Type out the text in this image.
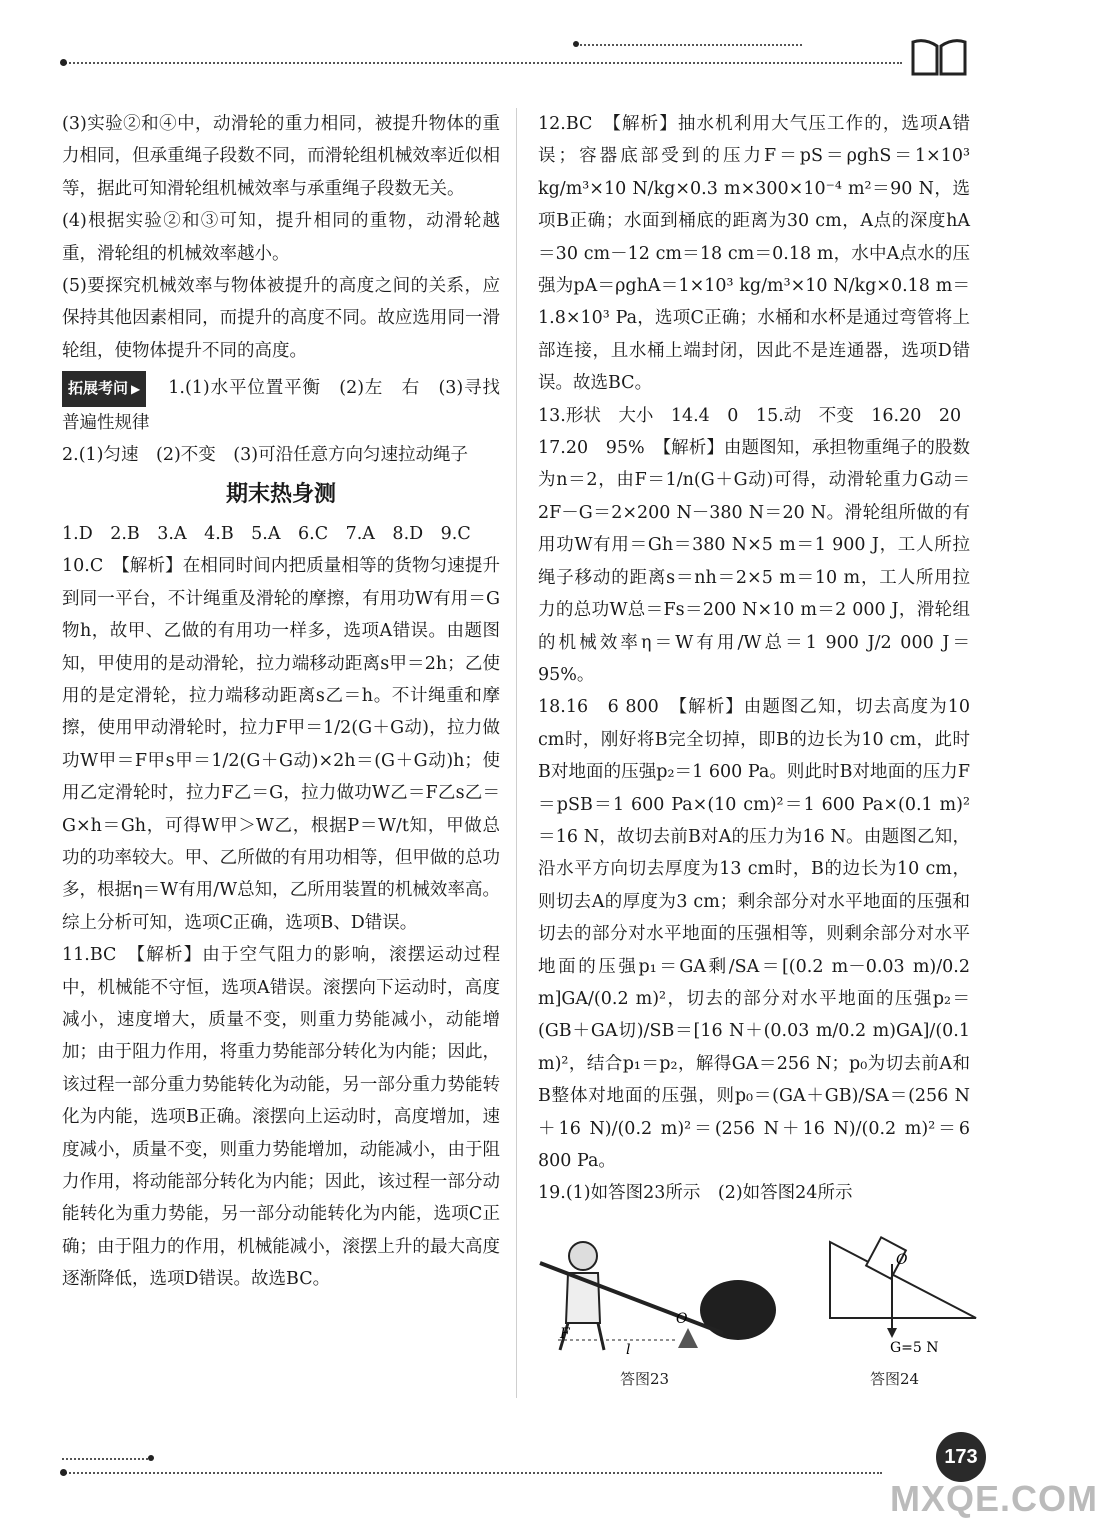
(3)实验②和④中，动滑轮的重力相同，被提升物体的重力相同，但承重绳子段数不同，而滑轮组机械效率近似相等，据此可知滑轮组机械效率与承重绳子段数无关。

(4)根据实验②和③可知，提升相同的重物，动滑轮越重，滑轮组的机械效率越小。

(5)要探究机械效率与物体被提升的高度之间的关系，应保持其他因素相同，而提升的高度不同。故应选用同一滑轮组，使物体提升不同的高度。

拓展考问 ▶ 1.(1)水平位置平衡　(2)左　右　(3)寻找普遍性规律

2.(1)匀速　(2)不变　(3)可沿任意方向匀速拉动绳子

期末热身测

1.D　2.B　3.A　4.B　5.A　6.C　7.A　8.D　9.C

10.C　【解析】在相同时间内把质量相等的货物匀速提升到同一平台，不计绳重及滑轮的摩擦，有用功W有用＝G物h，故甲、乙做的有用功一样多，选项A错误。由题图知，甲使用的是动滑轮，拉力端移动距离s甲＝2h；乙使用的是定滑轮，拉力端移动距离s乙＝h。不计绳重和摩擦，使用甲动滑轮时，拉力F甲＝1/2(G＋G动)，拉力做功W甲＝F甲s甲＝1/2(G＋G动)×2h＝(G＋G动)h；使用乙定滑轮时，拉力F乙＝G，拉力做功W乙＝F乙s乙＝G×h＝Gh，可得W甲＞W乙，根据P＝W/t知，甲做总功的功率较大。甲、乙所做的有用功相等，但甲做的总功多，根据η＝W有用/W总知，乙所用装置的机械效率高。综上分析可知，选项C正确，选项B、D错误。

11.BC　【解析】由于空气阻力的影响，滚摆运动过程中，机械能不守恒，选项A错误。滚摆向下运动时，高度减小，速度增大，质量不变，则重力势能减小，动能增加；由于阻力作用，将重力势能部分转化为内能；因此，该过程一部分重力势能转化为动能，另一部分重力势能转化为内能，选项B正确。滚摆向上运动时，高度增加，速度减小，质量不变，则重力势能增加，动能减小，由于阻力作用，将动能部分转化为内能；因此，该过程一部分动能转化为重力势能，另一部分动能转化为内能，选项C正确；由于阻力的作用，机械能减小，滚摆上升的最大高度逐渐降低，选项D错误。故选BC。

12.BC　【解析】抽水机利用大气压工作的，选项A错误；容器底部受到的压力F＝pS＝ρghS＝1×10³ kg/m³×10 N/kg×0.3 m×300×10⁻⁴ m²＝90 N，选项B正确；水面到桶底的距离为30 cm，A点的深度hA＝30 cm－12 cm＝18 cm＝0.18 m，水中A点水的压强为pA＝ρghA＝1×10³ kg/m³×10 N/kg×0.18 m＝1.8×10³ Pa，选项C正确；水桶和水杯是通过弯管将上部连接，且水桶上端封闭，因此不是连通器，选项D错误。故选BC。

13.形状　大小　14.4　0　15.动　不变　16.20　20

17.20　95%　【解析】由题图知，承担物重绳子的股数为n＝2，由F＝1/n(G＋G动)可得，动滑轮重力G动＝2F－G＝2×200 N－380 N＝20 N。滑轮组所做的有用功W有用＝Gh＝380 N×5 m＝1 900 J，工人所拉绳子移动的距离s＝nh＝2×5 m＝10 m，工人所用拉力的总功W总＝Fs＝200 N×10 m＝2 000 J，滑轮组的机械效率η＝W有用/W总＝1 900 J/2 000 J＝95%。

18.16　6 800　【解析】由题图乙知，切去高度为10 cm时，刚好将B完全切掉，即B的边长为10 cm，此时B对地面的压强p₂＝1 600 Pa。则此时B对地面的压力F＝pSB＝1 600 Pa×(10 cm)²＝1 600 Pa×(0.1 m)²＝16 N，故切去前B对A的压力为16 N。由题图乙知，沿水平方向切去厚度为13 cm时，B的边长为10 cm，则切去A的厚度为3 cm；剩余部分对水平地面的压强和切去的部分对水平地面的压强相等，则剩余部分对水平地面的压强p₁＝GA剩/SA＝[(0.2 m－0.03 m)/0.2 m]GA/(0.2 m)²，切去的部分对水平地面的压强p₂＝(GB＋GA切)/SB＝[16 N＋(0.03 m/0.2 m)GA]/(0.1 m)²，结合p₁＝p₂，解得GA＝256 N；p₀为切去前A和B整体对地面的压强，则p₀＝(GA＋GB)/SA＝(256 N＋16 N)/(0.2 m)²＝(256 N＋16 N)/(0.2 m)²＝6 800 Pa。

19.(1)如答图23所示　(2)如答图24所示

F
O
l
答图23
O
G=5 N
答图24
173
MXQE.COM
